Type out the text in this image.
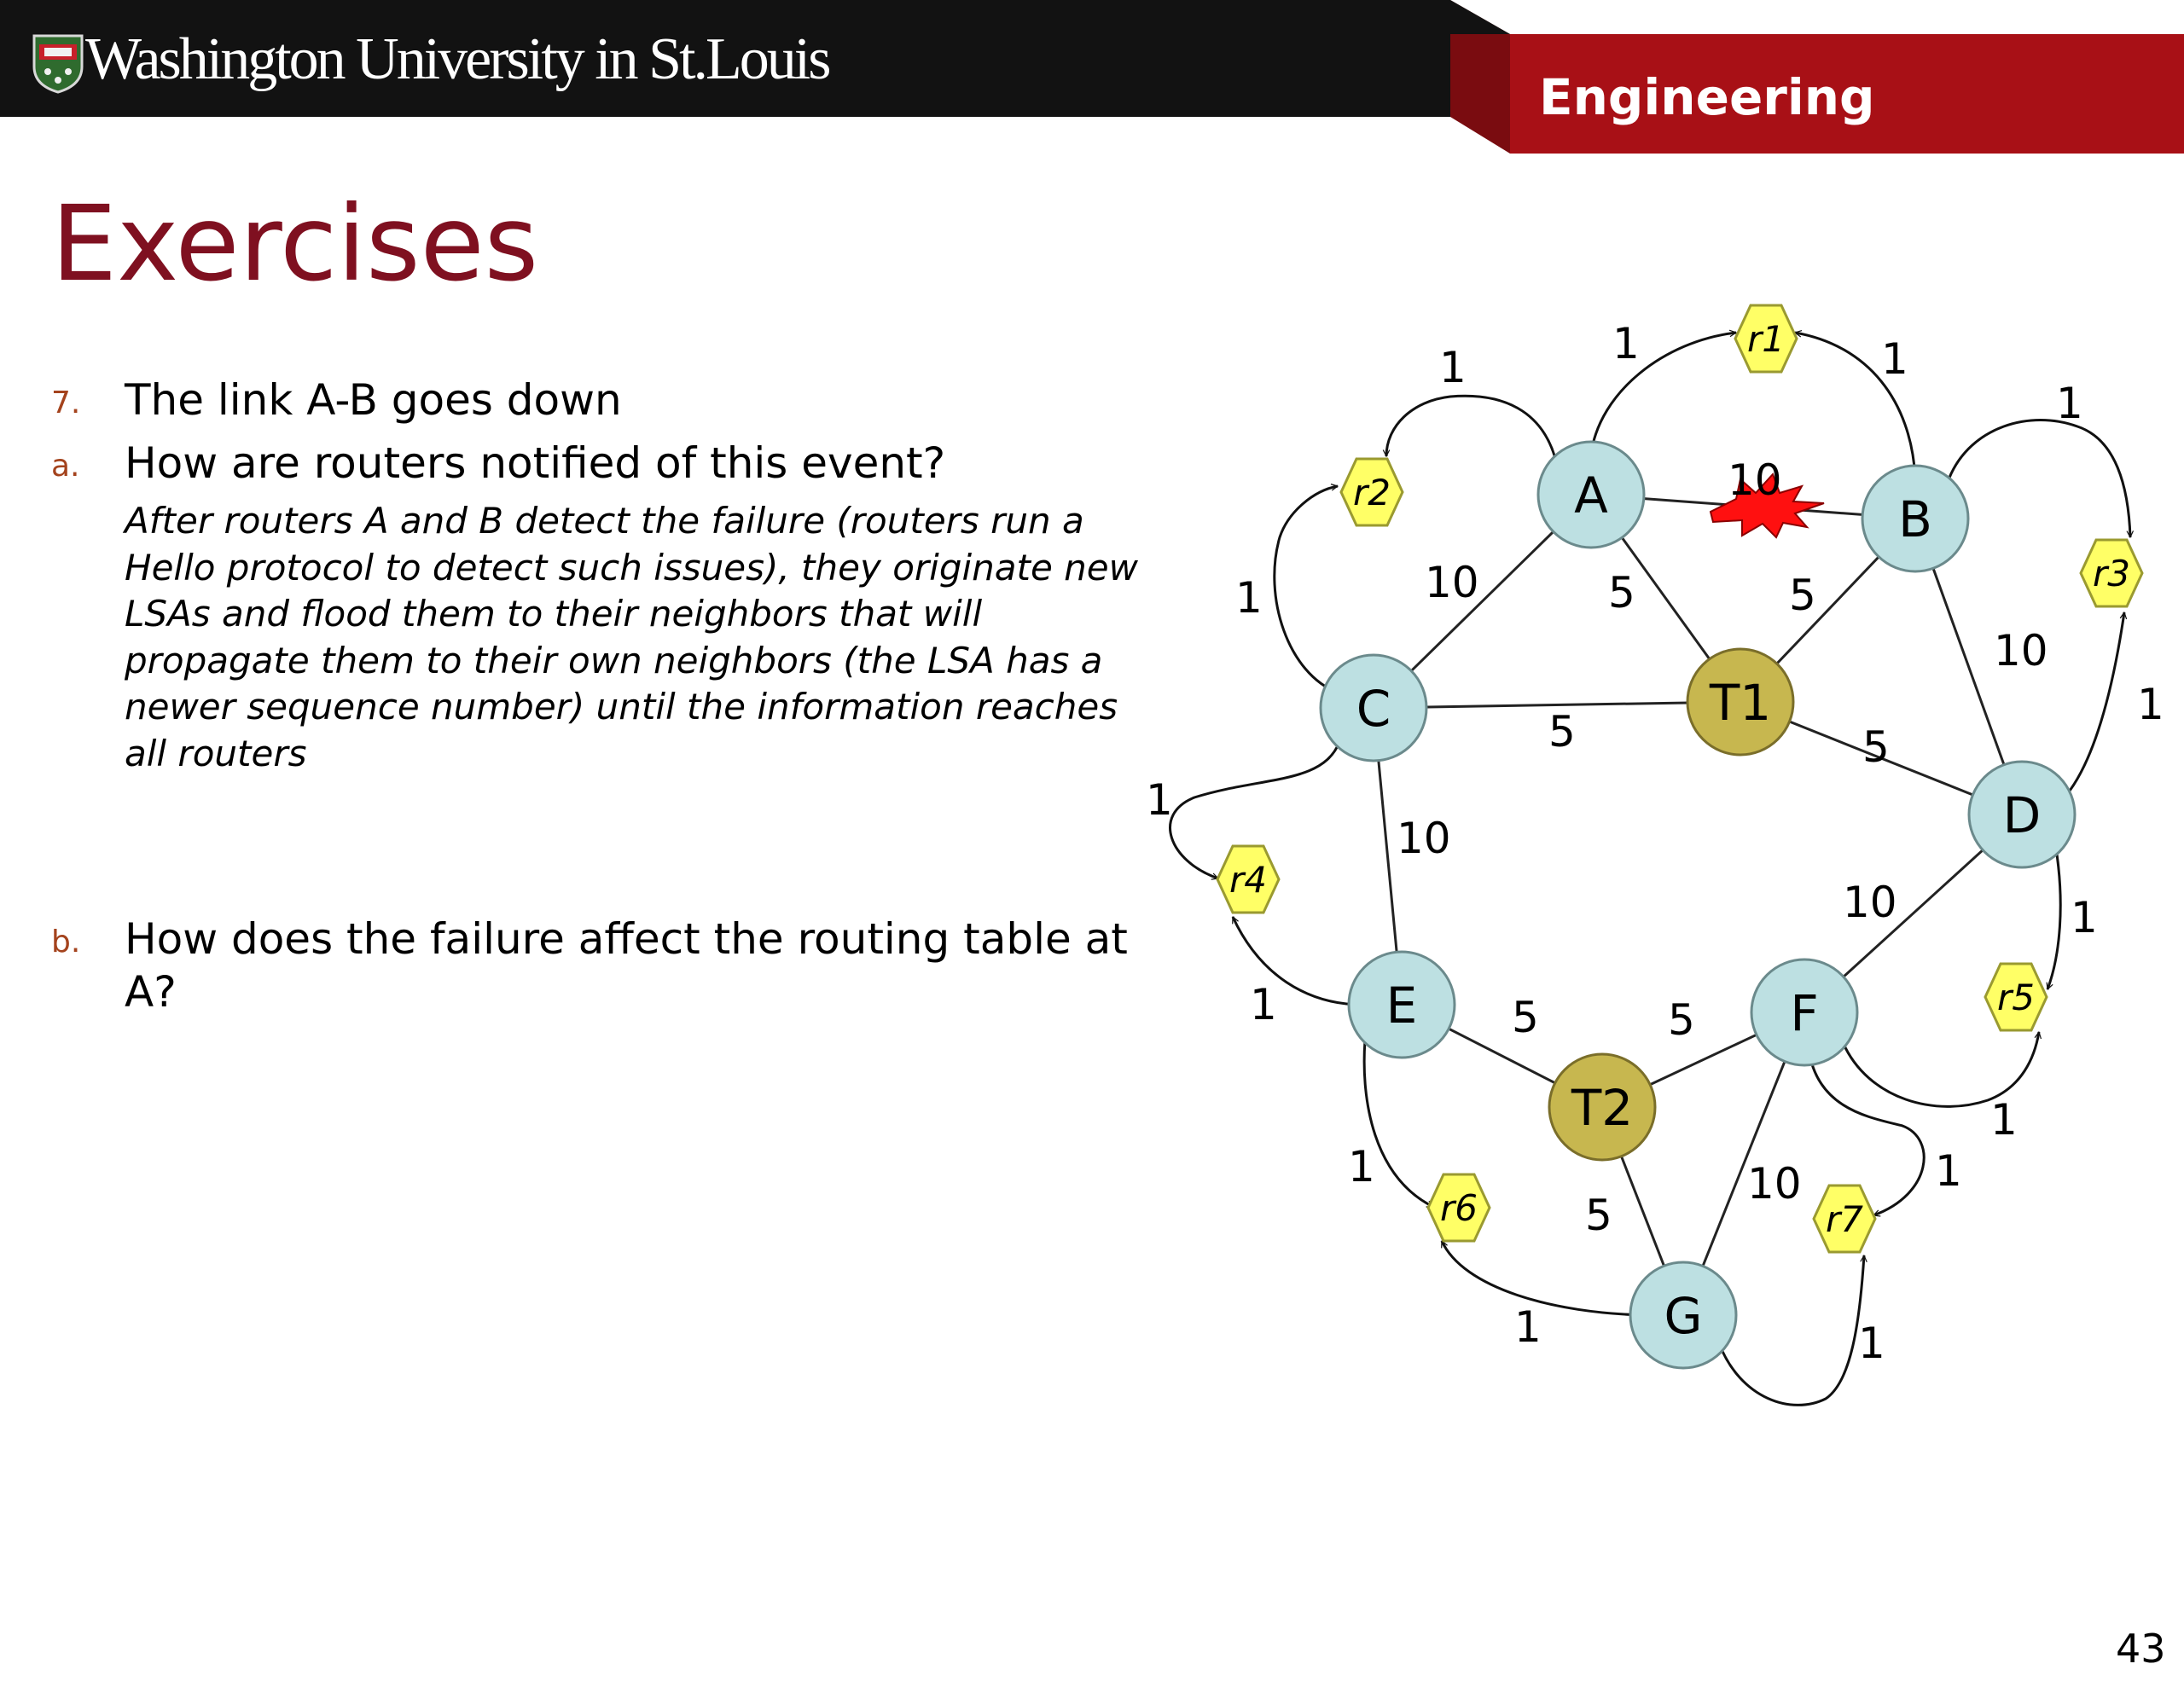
Washington University in St.Louis
Engineering
Exercises
7. The link A-B goes down
a. How are routers notified of this event?
After routers A and B detect the failure (routers run a Hello protocol to detect such issues), they originate new LSAs and flood them to their neighbors that will propagate them to their own neighbors (the LSA has a newer sequence number) until the information reaches all routers
b. How does the failure affect the routing table at A?
A	B
C
D
E	F
G
T1
T2
r1
r2
r3
r4
r5
r6	r7
10
10	5	5
10
5	5
10
10
5	5
5
10
1	1
1
1
1
1
1
1
1
1
1
1
1
1
43
